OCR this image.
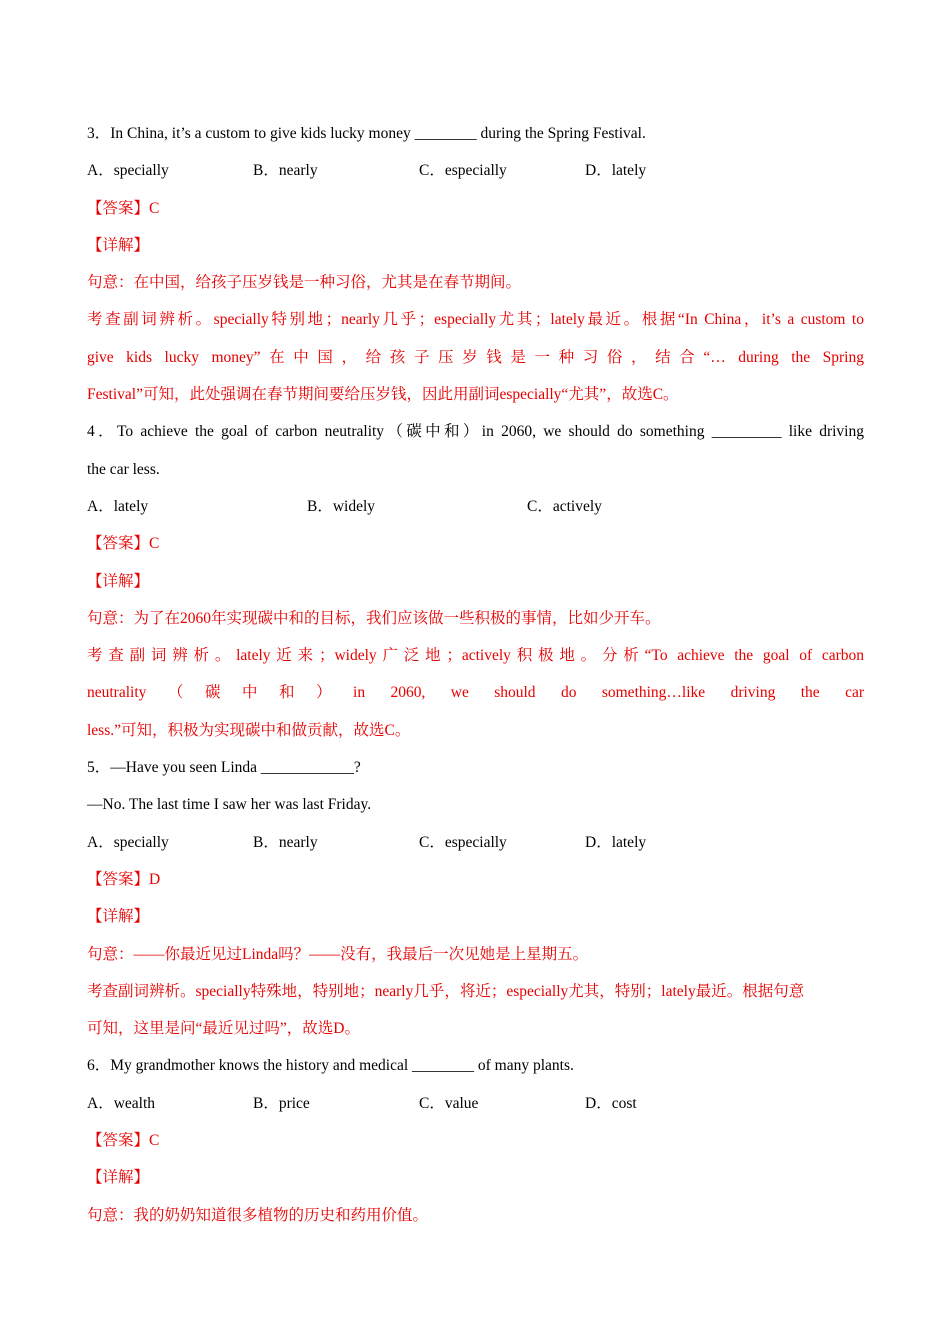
3．In China, it’s a custom to give kids lucky money ________ during the Spring Festival.
A．specially	B．nearly	C．especially	D．lately
【答案】C
【详解】
句意：在中国，给孩子压岁钱是一种习俗，尤其是在春节期间。
考查副词辨析。specially特别地；nearly几乎；especially尤其；lately最近。根据“In China，it’s a custom to
give kids lucky money”在中国，给孩子压岁钱是一种习俗，结合“… during the Spring
Festival”可知，此处强调在春节期间要给压岁钱，因此用副词especially“尤其”，故选C。
4．To achieve the goal of carbon neutrality（碳中和）in 2060, we should do something _________ like driving
the car less.
A．lately	B．widely	C．actively
【答案】C
【详解】
句意：为了在2060年实现碳中和的目标，我们应该做一些积极的事情，比如少开车。
考查副词辨析。lately近来；widely广泛地；actively积极地。分析“To achieve the goal of carbon
neutrality（碳中和）in 2060, we should do something…like driving the car
less.”可知，积极为实现碳中和做贡献，故选C。
5．—Have you seen Linda ____________?
—No. The last time I saw her was last Friday.
A．specially	B．nearly	C．especially	D．lately
【答案】D
【详解】
句意：——你最近见过Linda吗？——没有，我最后一次见她是上星期五。
考查副词辨析。specially特殊地，特别地；nearly几乎，将近；especially尤其，特别；lately最近。根据句意
可知，这里是问“最近见过吗”，故选D。
6．My grandmother knows the history and medical ________ of many plants.
A．wealth	B．price	C．value	D．cost
【答案】C
【详解】
句意：我的奶奶知道很多植物的历史和药用价值。
